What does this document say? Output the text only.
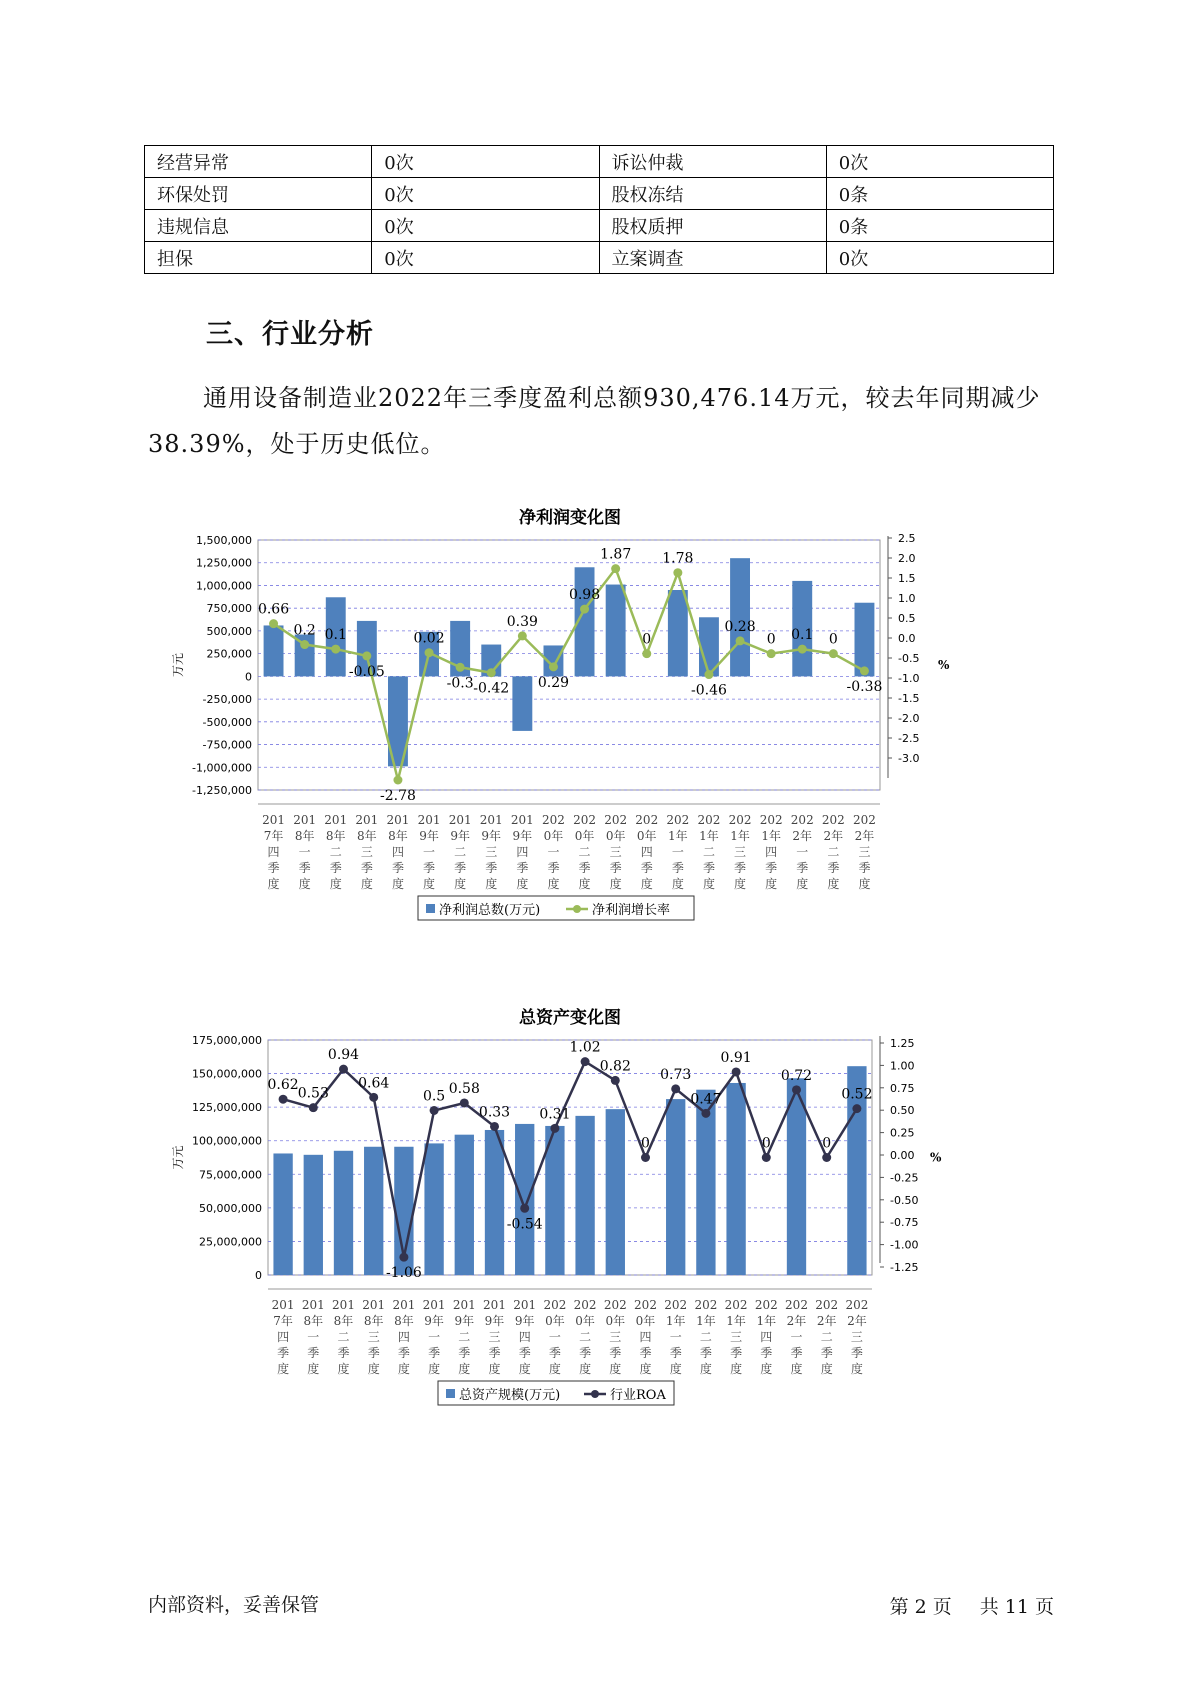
经营异常	0次	诉讼仲裁	0次
环保处罚	0次	股权冻结	0条
违规信息	0次	股权质押	0条
担保	0次	立案调查	0次
三、行业分析

通用设备制造业2022年三季度盈利总额930,476.14万元，较去年同期减少38.39%，处于历史低位。

净利润变化图
1,500,000
1,250,000
1,000,000
750,000
500,000
250,000
0
-250,000
-500,000
-750,000
-1,000,000
-1,250,000
2.5
2.0
1.5
1.0
0.5
0.0
-0.5
-1.0
-1.5
-2.0
-2.5
-3.0
万元	%
0.66
0.2 0.1
-0.05
-2.78
0.02
-0.3 -0.42
0.39
0.29
0.98
1.87
0
1.78
-0.46
0.28
0 0.1 0
-0.38
201
7年
四
季
度
201
8年
一
季
度
201
8年
二
季
度
201
8年
三
季
度
201
8年
四
季
度
201
9年
一
季
度
201
9年
二
季
度
201
9年
三
季
度
201
9年
四
季
度
202
0年
一
季
度
202
0年
二
季
度
202
0年
三
季
度
202
0年
四
季
度
202
1年
一
季
度
202
1年
二
季
度
202
1年
三
季
度
202
1年
四
季
度
202
2年
一
季
度
202
2年
二
季
度
202
2年
三
季
度
净利润总数(万元)	净利润增长率
总资产变化图
175,000,000
150,000,000
125,000,000
100,000,000
75,000,000
50,000,000
25,000,000
0
1.25
1.00
0.75
0.50
0.25
0.00
-0.25
-0.50
-0.75
-1.00
-1.25
万元	%
0.62
0.53
0.94
0.64
-1.06
0.5 0.58
0.33
-0.54
0.31
1.02
0.82
0
0.73
0.47
0.91
0
0.72
0
0.52
201
7年
四
季
度
201
8年
一
季
度
201
8年
二
季
度
201
8年
三
季
度
201
8年
四
季
度
201
9年
一
季
度
201
9年
二
季
度
201
9年
三
季
度
201
9年
四
季
度
202
0年
一
季
度
202
0年
二
季
度
202
0年
三
季
度
202
0年
四
季
度
202
1年
一
季
度
202
1年
二
季
度
202
1年
三
季
度
202
1年
四
季
度
202
2年
一
季
度
202
2年
二
季
度
202
2年
三
季
度
总资产规模(万元)	行业ROA
内部资料，妥善保管	第 2 页 共 11 页
